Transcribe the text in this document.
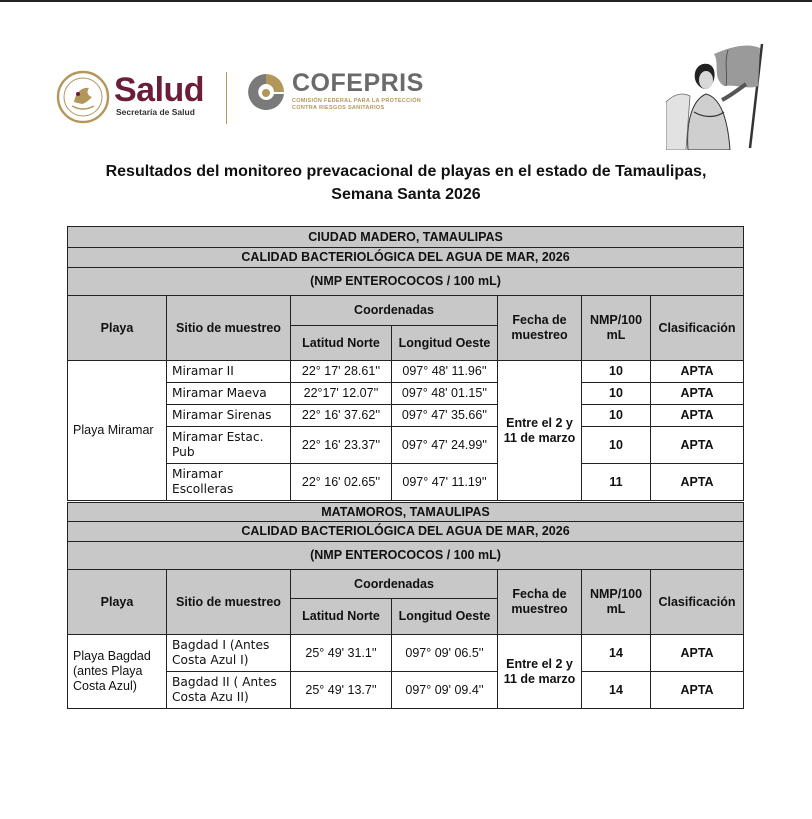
Salud
Secretaría de Salud
COFEPRIS
COMISIÓN FEDERAL PARA LA PROTECCIÓN
CONTRA RIESGOS SANITARIOS
Resultados del monitoreo prevacacional de playas en el estado de Tamaulipas,
Semana Santa 2026
CIUDAD MADERO, TAMAULIPAS						
CALIDAD BACTERIOLÓGICA DEL AGUA DE MAR, 2026						
(NMP ENTEROCOCOS / 100 mL)						
Playa	Sitio de muestreo	Coordenadas		Fecha de muestreo	NMP/100 mL	Clasificación
		Latitud Norte	Longitud Oeste			
Playa Miramar	Miramar II	22° 17' 28.61''	097° 48' 11.96''	Entre el 2 y 11 de marzo	10	APTA
	Miramar Maeva	22°17' 12.07''	097° 48' 01.15''		10	APTA
	Miramar Sirenas	22° 16' 37.62''	097° 47' 35.66''		10	APTA
	Miramar Estac. Pub	22° 16' 23.37''	097° 47' 24.99''		10	APTA
	Miramar Escolleras	22° 16' 02.65''	097° 47' 11.19''		11	APTA
MATAMOROS, TAMAULIPAS						
CALIDAD BACTERIOLÓGICA DEL AGUA DE MAR, 2026						
(NMP ENTEROCOCOS / 100 mL)						
Playa	Sitio de muestreo	Coordenadas		Fecha de muestreo	NMP/100 mL	Clasificación
		Latitud Norte	Longitud Oeste			
Playa Bagdad (antes Playa Costa Azul)	Bagdad I (Antes Costa Azul I)	25° 49' 31.1''	097° 09' 06.5''	Entre el 2 y 11 de marzo	14	APTA
	Bagdad II ( Antes Costa Azu II)	25° 49' 13.7''	097° 09' 09.4''		14	APTA
